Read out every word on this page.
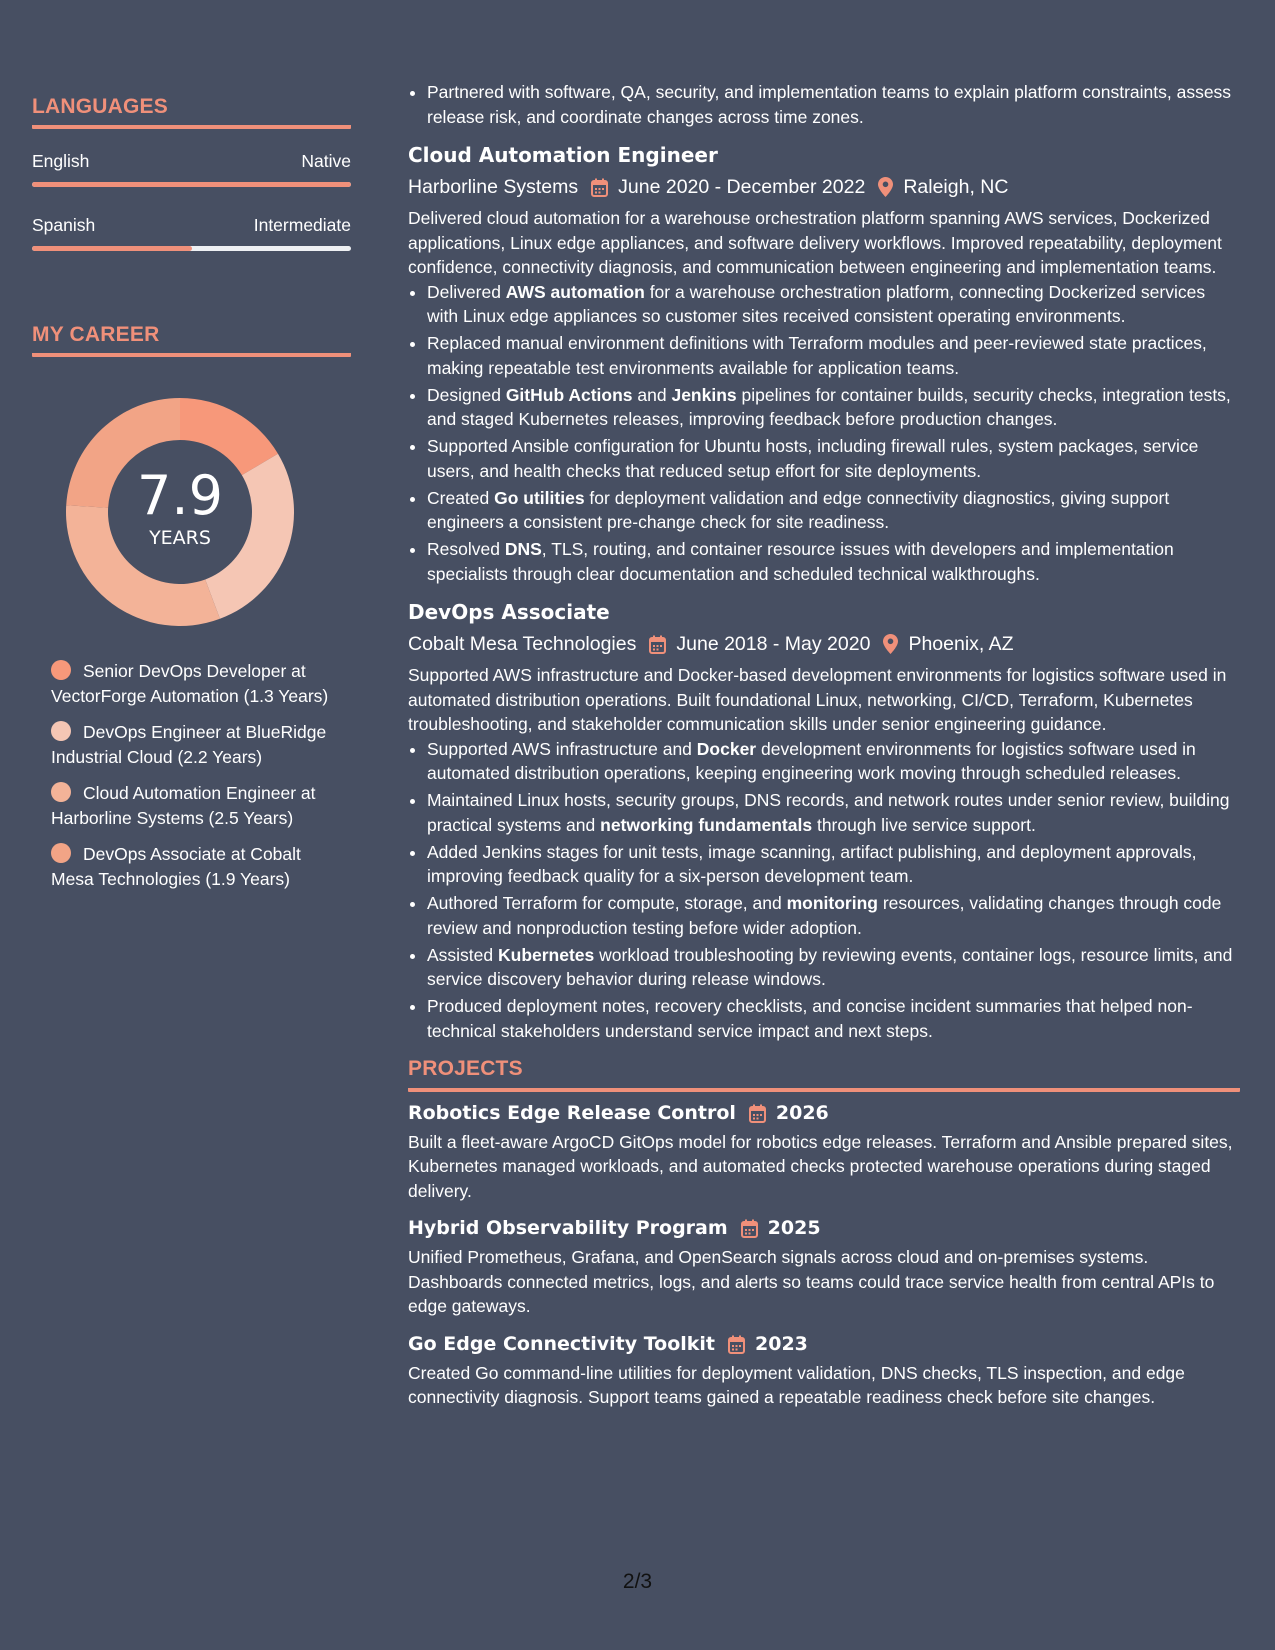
LANGUAGES
English	Native
Spanish	Intermediate
MY CAREER
7.9
YEARS
Senior DevOps Developer at VectorForge Automation (1.3 Years)
DevOps Engineer at BlueRidge Industrial Cloud (2.2 Years)
Cloud Automation Engineer at Harborline Systems (2.5 Years)
DevOps Associate at Cobalt Mesa Technologies (1.9 Years)
• Partnered with software, QA, security, and implementation teams to explain platform constraints, assess release risk, and coordinate changes across time zones.
Cloud Automation Engineer
Harborline Systems June 2020 - December 2022 Raleigh, NC
Delivered cloud automation for a warehouse orchestration platform spanning AWS services, Dockerized applications, Linux edge appliances, and software delivery workflows. Improved repeatability, deployment confidence, connectivity diagnosis, and communication between engineering and implementation teams.
• Delivered AWS automation for a warehouse orchestration platform, connecting Dockerized services with Linux edge appliances so customer sites received consistent operating environments.
• Replaced manual environment definitions with Terraform modules and peer-reviewed state practices, making repeatable test environments available for application teams.
• Designed GitHub Actions and Jenkins pipelines for container builds, security checks, integration tests, and staged Kubernetes releases, improving feedback before production changes.
• Supported Ansible configuration for Ubuntu hosts, including firewall rules, system packages, service users, and health checks that reduced setup effort for site deployments.
• Created Go utilities for deployment validation and edge connectivity diagnostics, giving support engineers a consistent pre-change check for site readiness.
• Resolved DNS, TLS, routing, and container resource issues with developers and implementation specialists through clear documentation and scheduled technical walkthroughs.
DevOps Associate
Cobalt Mesa Technologies June 2018 - May 2020 Phoenix, AZ
Supported AWS infrastructure and Docker-based development environments for logistics software used in automated distribution operations. Built foundational Linux, networking, CI/CD, Terraform, Kubernetes troubleshooting, and stakeholder communication skills under senior engineering guidance.
• Supported AWS infrastructure and Docker development environments for logistics software used in automated distribution operations, keeping engineering work moving through scheduled releases.
• Maintained Linux hosts, security groups, DNS records, and network routes under senior review, building practical systems and networking fundamentals through live service support.
• Added Jenkins stages for unit tests, image scanning, artifact publishing, and deployment approvals, improving feedback quality for a six-person development team.
• Authored Terraform for compute, storage, and monitoring resources, validating changes through code review and nonproduction testing before wider adoption.
• Assisted Kubernetes workload troubleshooting by reviewing events, container logs, resource limits, and service discovery behavior during release windows.
• Produced deployment notes, recovery checklists, and concise incident summaries that helped non-technical stakeholders understand service impact and next steps.
PROJECTS
Robotics Edge Release Control 2026
Built a fleet-aware ArgoCD GitOps model for robotics edge releases. Terraform and Ansible prepared sites, Kubernetes managed workloads, and automated checks protected warehouse operations during staged delivery.
Hybrid Observability Program 2025
Unified Prometheus, Grafana, and OpenSearch signals across cloud and on-premises systems. Dashboards connected metrics, logs, and alerts so teams could trace service health from central APIs to edge gateways.
Go Edge Connectivity Toolkit 2023
Created Go command-line utilities for deployment validation, DNS checks, TLS inspection, and edge connectivity diagnosis. Support teams gained a repeatable readiness check before site changes.
2/3
